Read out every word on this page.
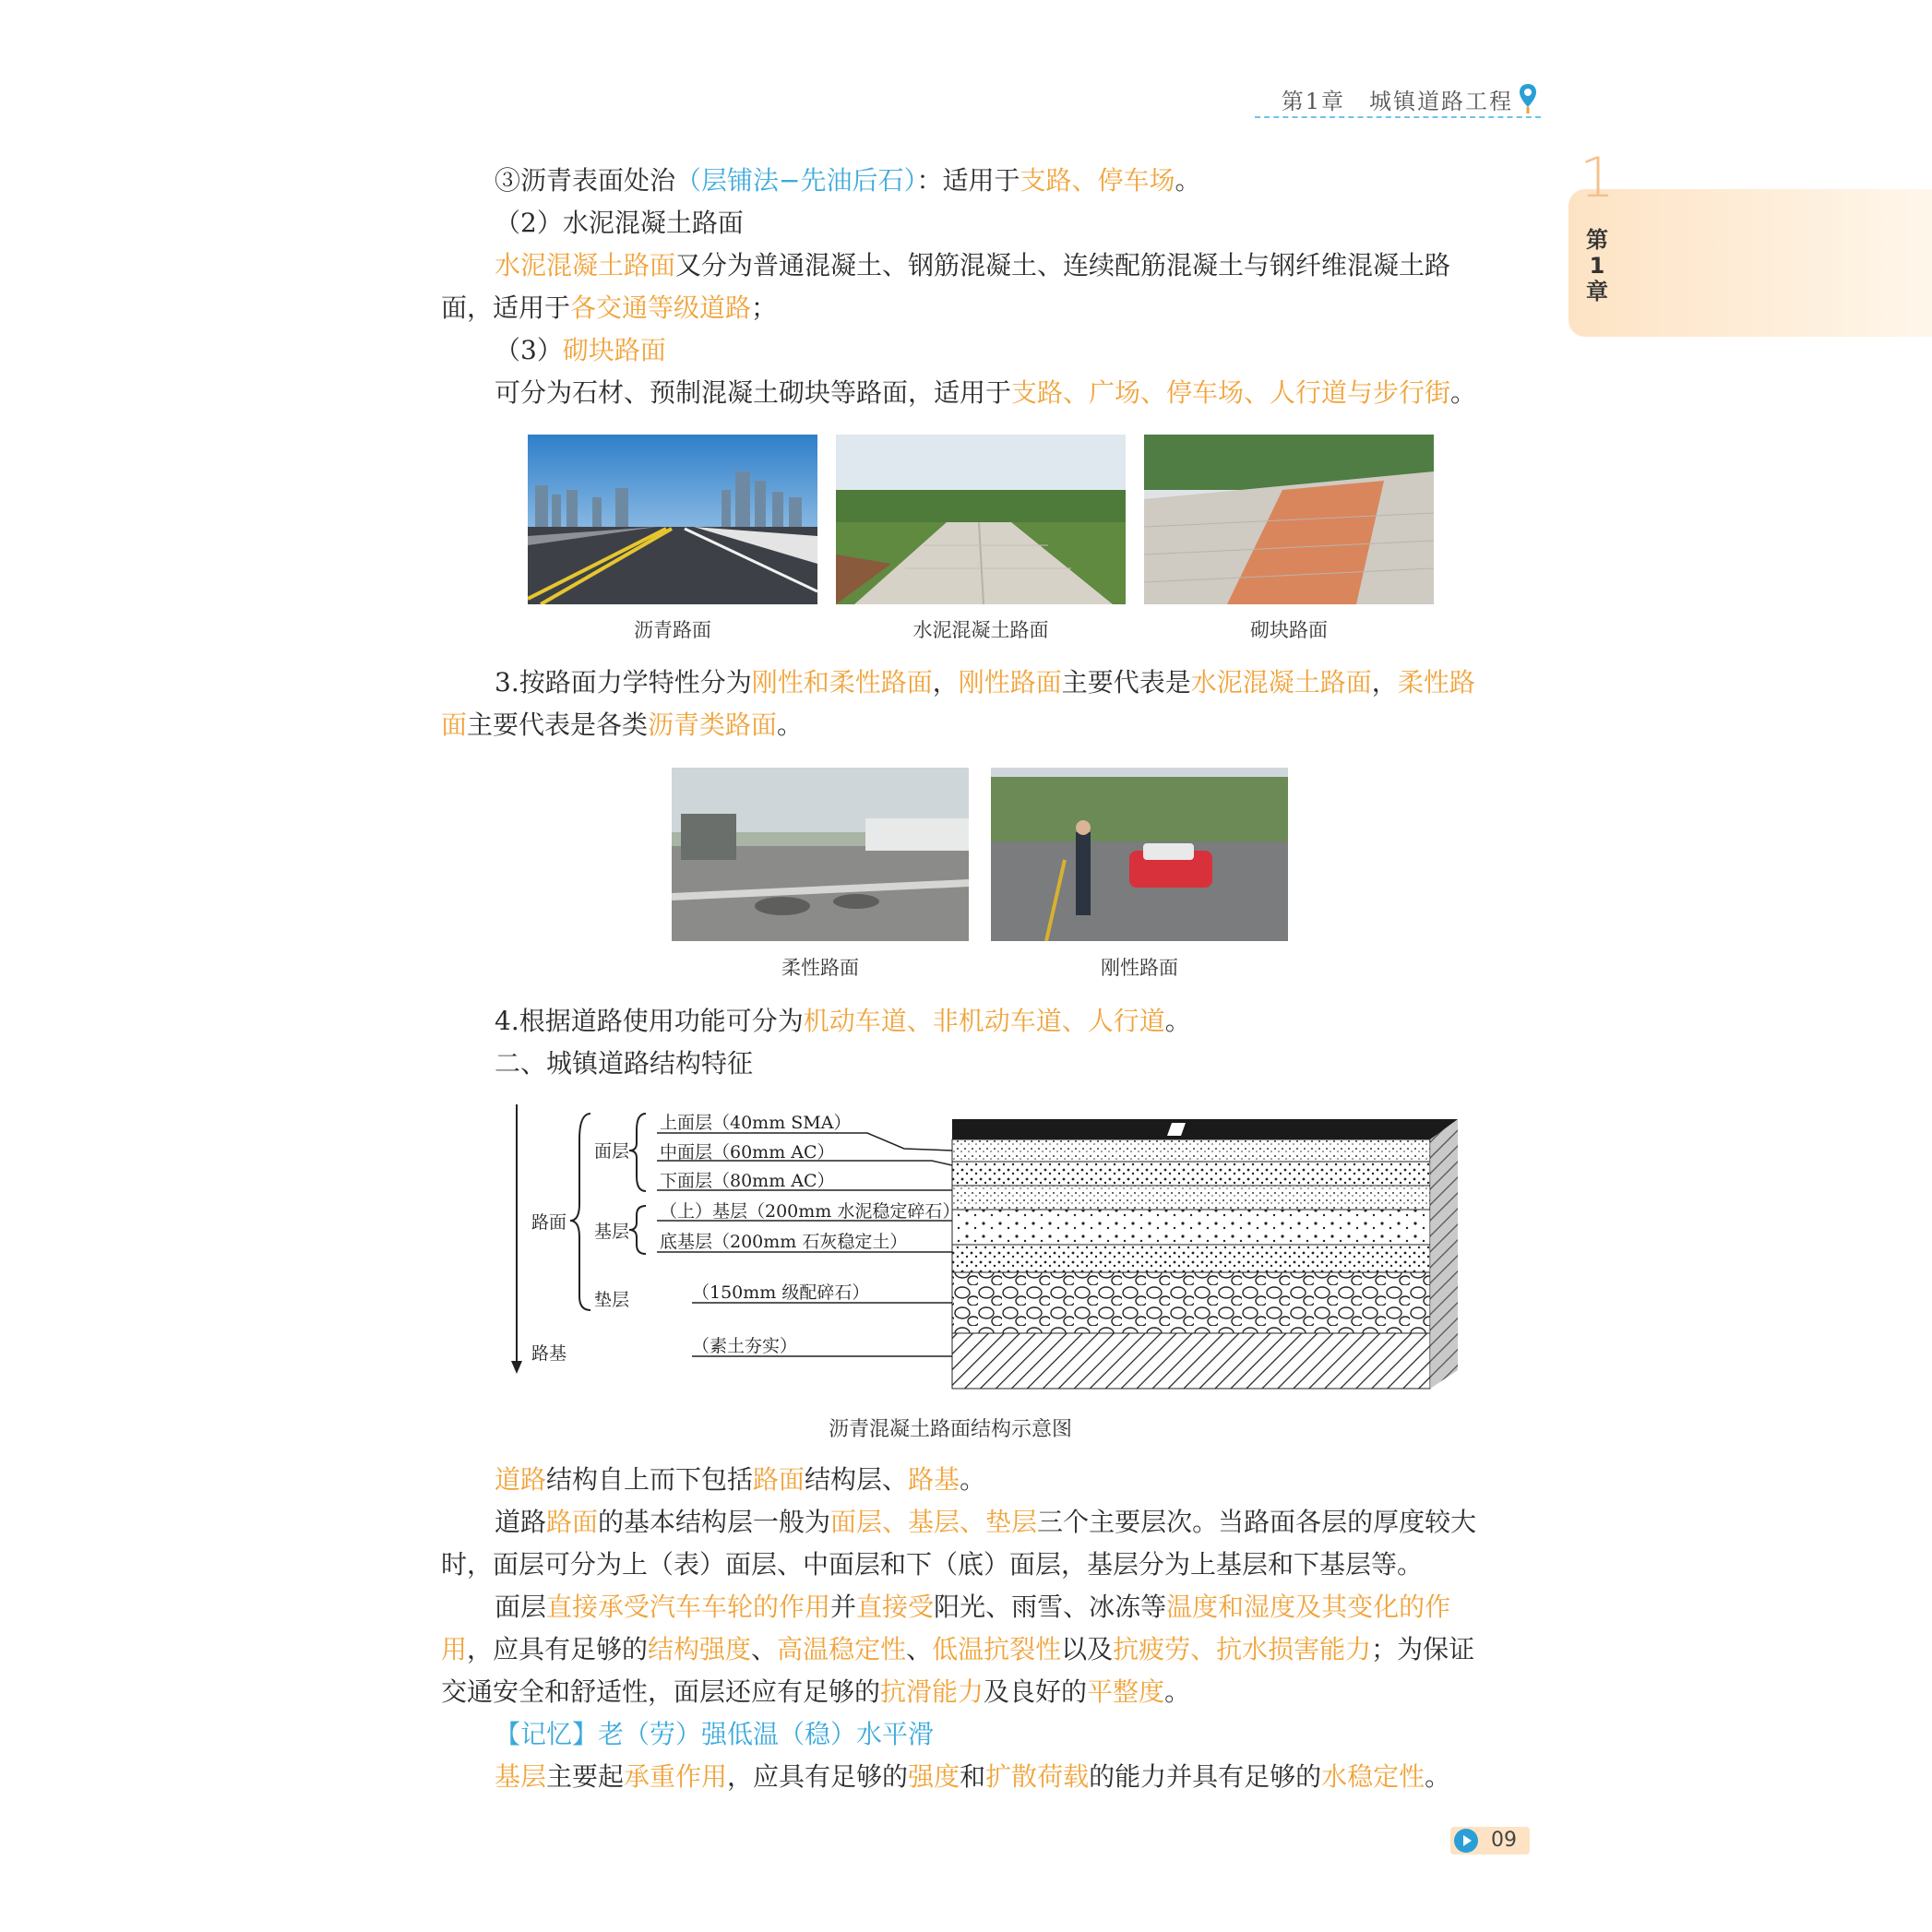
第1章　城镇道路工程
1
第
1
章
③沥青表面处治（层铺法−先油后石）：适用于支路、停车场。
（2）水泥混凝土路面
水泥混凝土路面又分为普通混凝土、钢筋混凝土、连续配筋混凝土与钢纤维混凝土路
面，适用于各交通等级道路；
（3）砌块路面
可分为石材、预制混凝土砌块等路面，适用于支路、广场、停车场、人行道与步行街。
沥青路面	水泥混凝土路面	砌块路面
3.按路面力学特性分为刚性和柔性路面，刚性路面主要代表是水泥混凝土路面，柔性路
面主要代表是各类沥青类路面。
柔性路面	刚性路面
4.根据道路使用功能可分为机动车道、非机动车道、人行道。
二、城镇道路结构特征
面层
基层
垫层
路面
路基
上面层（40mm SMA）
中面层（60mm AC）
下面层（80mm AC）
（上）基层（200mm 水泥稳定碎石）
底基层（200mm 石灰稳定土）
（150mm 级配碎石）
（素土夯实）
沥青混凝土路面结构示意图
道路结构自上而下包括路面结构层、路基。
道路路面的基本结构层一般为面层、基层、垫层三个主要层次。当路面各层的厚度较大
时，面层可分为上（表）面层、中面层和下（底）面层，基层分为上基层和下基层等。
面层直接承受汽车车轮的作用并直接受阳光、雨雪、冰冻等温度和湿度及其变化的作
用，应具有足够的结构强度、高温稳定性、低温抗裂性以及抗疲劳、抗水损害能力；为保证
交通安全和舒适性，面层还应有足够的抗滑能力及良好的平整度。
【记忆】老（劳）强低温（稳）水平滑
基层主要起承重作用，应具有足够的强度和扩散荷载的能力并具有足够的水稳定性。
09
